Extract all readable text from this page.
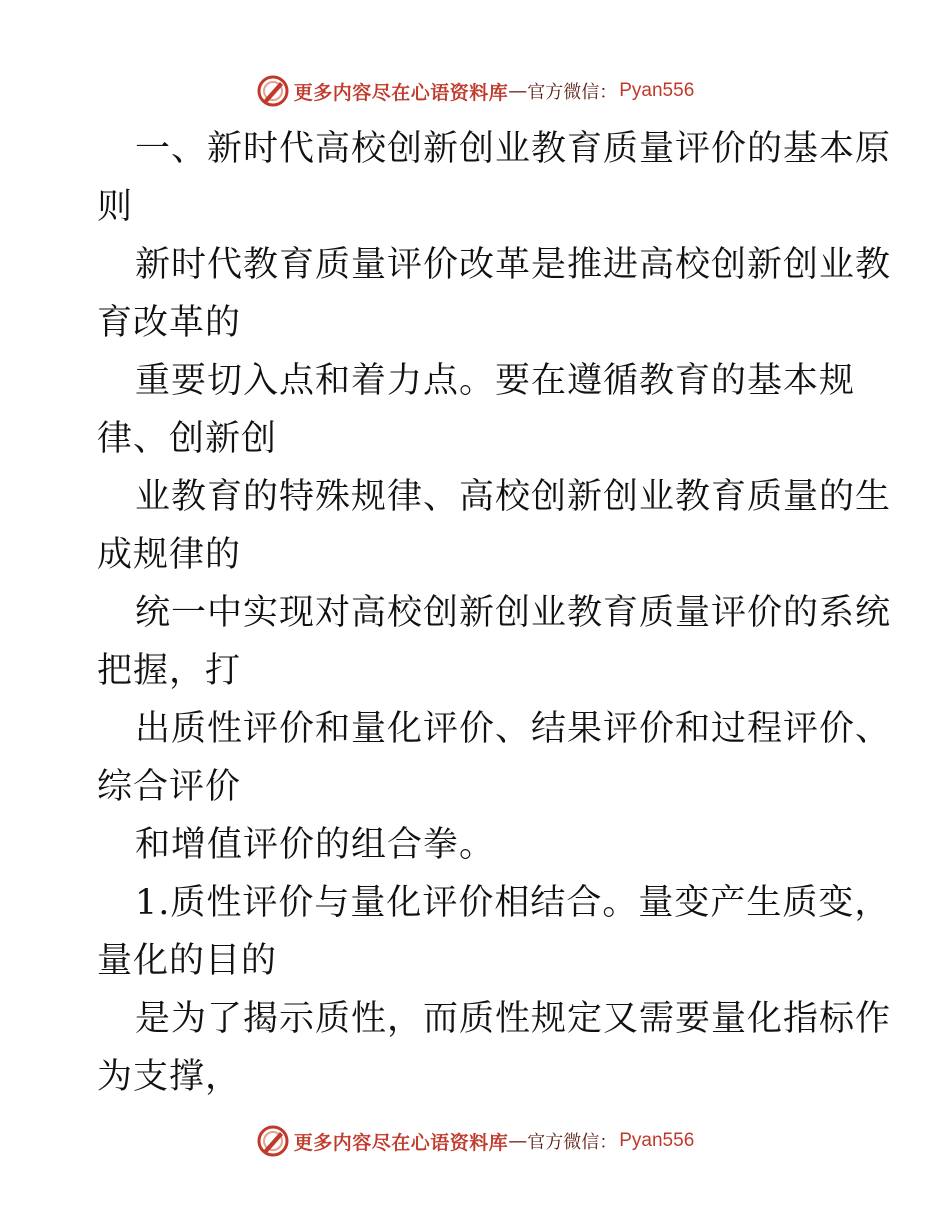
更多内容尽在心语资料库 — 官方微信： Pyan556

一、新时代高校创新创业教育质量评价的基本原

则

新时代教育质量评价改革是推进高校创新创业教

育改革的

重要切入点和着力点。要在遵循教育的基本规

律、创新创

业教育的特殊规律、高校创新创业教育质量的生

成规律的

统一中实现对高校创新创业教育质量评价的系统

把握，打

出质性评价和量化评价、结果评价和过程评价、

综合评价

和增值评价的组合拳。

1.质性评价与量化评价相结合。量变产生质变，

量化的目的

是为了揭示质性，而质性规定又需要量化指标作

为支撑，

更多内容尽在心语资料库 — 官方微信： Pyan556
